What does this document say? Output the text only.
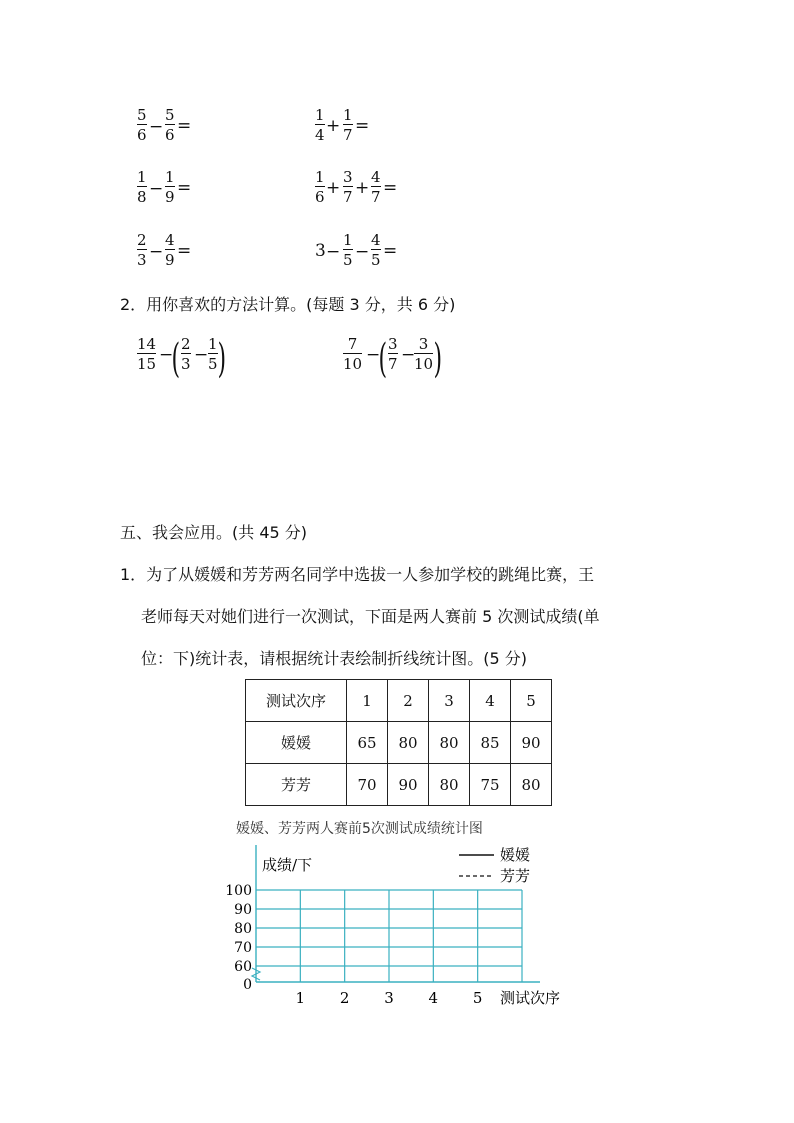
$\frac{5}{6} - \frac{5}{6}$ =
$\frac{1}{8} - \frac{1}{9}$ =
$\frac{2}{3} - \frac{4}{9}$ =
$\frac{1}{4} + \frac{1}{7}$ =
$\frac{1}{6} + \frac{3}{7} + \frac{4}{7}$ =
$3 - \frac{1}{5} - \frac{4}{5}$ =
2．用你喜欢的方法计算。(每题 3 分，共 6 分)
$\frac{14}{15}$ −
( $\frac{2}{3} - \frac{1}{5}$ )	$\frac{7}{10}$ −
( $\frac{3}{7}$ −
$\frac{3}{10}$ )
五、我会应用。(共 45 分)
1．为了从媛媛和芳芳两名同学中选拔一人参加学校的跳绳比赛，王
老师每天对她们进行一次测试，下面是两人赛前 5 次测试成绩(单
位：下)统计表，请根据统计表绘制折线统计图。(5 分)
测试次序	1	2	3	4	5
媛媛	65	80	80	85	90
芳芳	70	90	80	75	80
媛媛、芳芳两人赛前5次测试成绩统计图
100
90
80
70
60
0
1 2 3 4 5
成绩/下
测试次序
媛媛
芳芳
